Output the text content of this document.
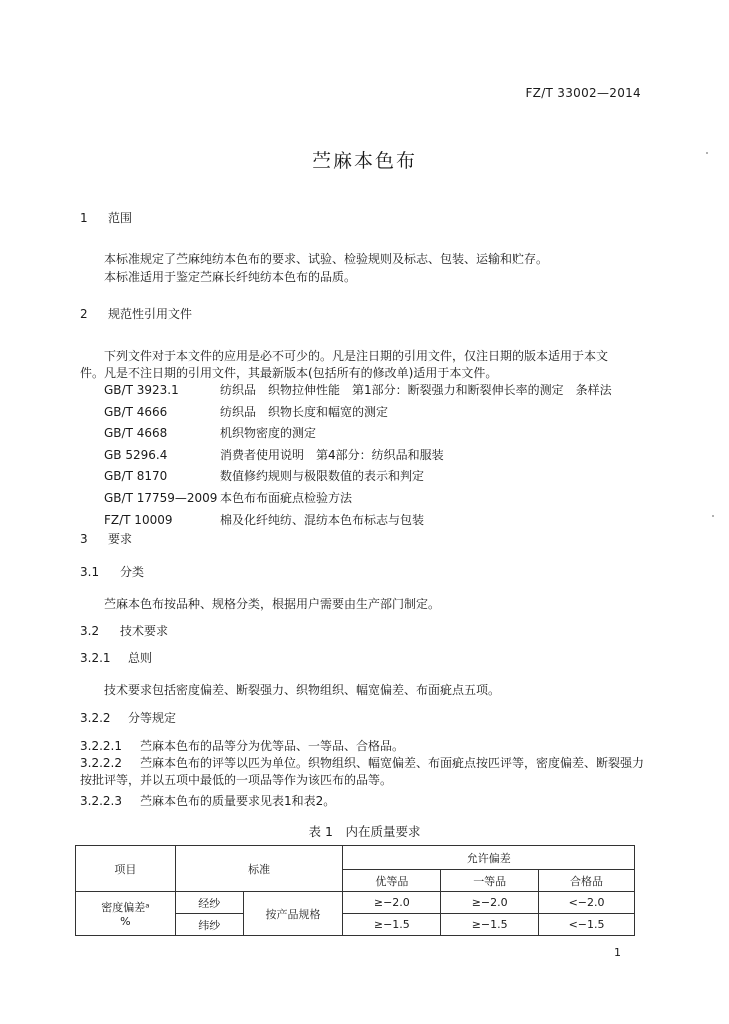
FZ/T 33002—2014
苎麻本色布
1 范围
本标准规定了苎麻纯纺本色布的要求、试验、检验规则及标志、包装、运输和贮存。
本标准适用于鉴定苎麻长纤纯纺本色布的品质。
2 规范性引用文件
下列文件对于本文件的应用是必不可少的。凡是注日期的引用文件，仅注日期的版本适用于本文
件。凡是不注日期的引用文件，其最新版本(包括所有的修改单)适用于本文件。
GB/T 3923.1	纺织品　织物拉伸性能　第1部分：断裂强力和断裂伸长率的测定　条样法
GB/T 4666	纺织品　织物长度和幅宽的测定
GB/T 4668	机织物密度的测定
GB 5296.4	消费者使用说明　第4部分：纺织品和服装
GB/T 8170	数值修约规则与极限数值的表示和判定
GB/T 17759—2009 本色布布面疵点检验方法
FZ/T 10009	棉及化纤纯纺、混纺本色布标志与包装
3 要求
3.1 分类
苎麻本色布按品种、规格分类，根据用户需要由生产部门制定。
3.2 技术要求
3.2.1 总则
技术要求包括密度偏差、断裂强力、织物组织、幅宽偏差、布面疵点五项。
3.2.2 分等规定
3.2.2.1 苎麻本色布的品等分为优等品、一等品、合格品。
3.2.2.2 苎麻本色布的评等以匹为单位。织物组织、幅宽偏差、布面疵点按匹评等，密度偏差、断裂强力
按批评等，并以五项中最低的一项品等作为该匹布的品等。
3.2.2.3 苎麻本色布的质量要求见表1和表2。
表 1　内在质量要求
项目	标准		允许偏差		
			优等品	一等品	合格品

密度偏差ᵃ
%	经纱	按产品规格	≥−2.0	≥−2.0	<−2.0
	纬纱		≥−1.5	≥−1.5	<−1.5
1
